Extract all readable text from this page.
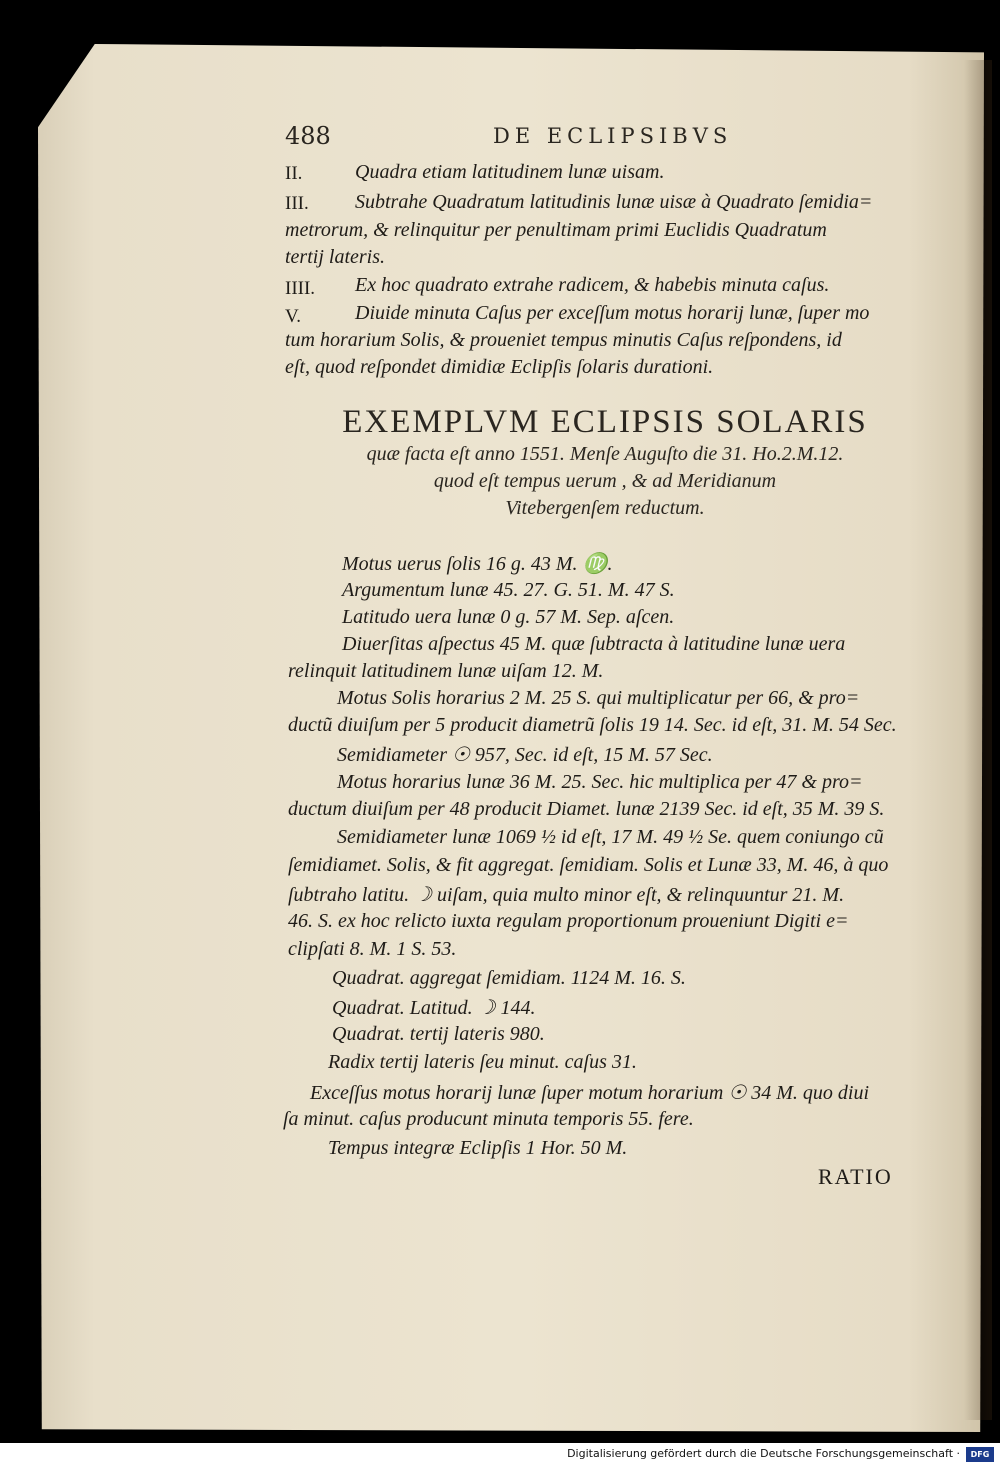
488	DE ECLIPSIBVS
II.	Quadra etiam latitudinem lunæ uisam.
III. Subtrahe Quadratum latitudinis lunæ uisæ à Quadrato ſemidia=
metrorum, & relinquitur per penultimam primi Euclidis Quadratum
tertij lateris.
IIII. Ex hoc quadrato extrahe radicem, & habebis minuta caſus.
V.	Diuide minuta Caſus per exceſſum motus horarij lunæ, ſuper mo
tum horarium Solis, & proueniet tempus minutis Caſus reſpondens, id
eſt, quod reſpondet dimidiæ Eclipſis ſolaris durationi.
EXEMPLVM ECLIPSIS SOLARIS
quæ facta eſt anno 1551. Menſe Auguſto die 31. Ho.2.M.12.
quod eſt tempus uerum , & ad Meridianum
Vitebergenſem reductum.
Motus uerus ſolis 16 g. 43 M. ♍.
Argumentum lunæ 45. 27. G. 51. M. 47 S.
Latitudo uera lunæ 0 g. 57 M. Sep. aſcen.
Diuerſitas aſpectus 45 M. quæ ſubtracta à latitudine lunæ uera
relinquit latitudinem lunæ uiſam 12. M.
Motus Solis horarius 2 M. 25 S. qui multiplicatur per 66, & pro=
ductũ diuiſum per 5 producit diametrũ ſolis 19 14. Sec. id eſt, 31. M. 54 Sec.
Semidiameter ☉ 957, Sec. id eſt, 15 M. 57 Sec.
Motus horarius lunæ 36 M. 25. Sec. hic multiplica per 47 & pro=
ductum diuiſum per 48 producit Diamet. lunæ 2139 Sec. id eſt, 35 M. 39 S.
Semidiameter lunæ 1069 ½ id eſt, 17 M. 49 ½ Se. quem coniungo cũ
ſemidiamet. Solis, & fit aggregat. ſemidiam. Solis et Lunæ 33, M. 46, à quo
ſubtraho latitu. ☽ uiſam, quia multo minor eſt, & relinquuntur 21. M.
46. S. ex hoc relicto iuxta regulam proportionum proueniunt Digiti e=
clipſati 8. M. 1 S. 53.
Quadrat. aggregat ſemidiam. 1124 M. 16. S.
Quadrat. Latitud. ☽ 144.
Quadrat. tertij lateris 980.
Radix tertij lateris ſeu minut. caſus 31.
Exceſſus motus horarij lunæ ſuper motum horarium ☉ 34 M. quo diui
ſa minut. caſus producunt minuta temporis 55. fere.
Tempus integræ Eclipſis 1 Hor. 50 M.
RATIO
Digitalisierung gefördert durch die Deutsche Forschungsgemeinschaft ·	DFG
